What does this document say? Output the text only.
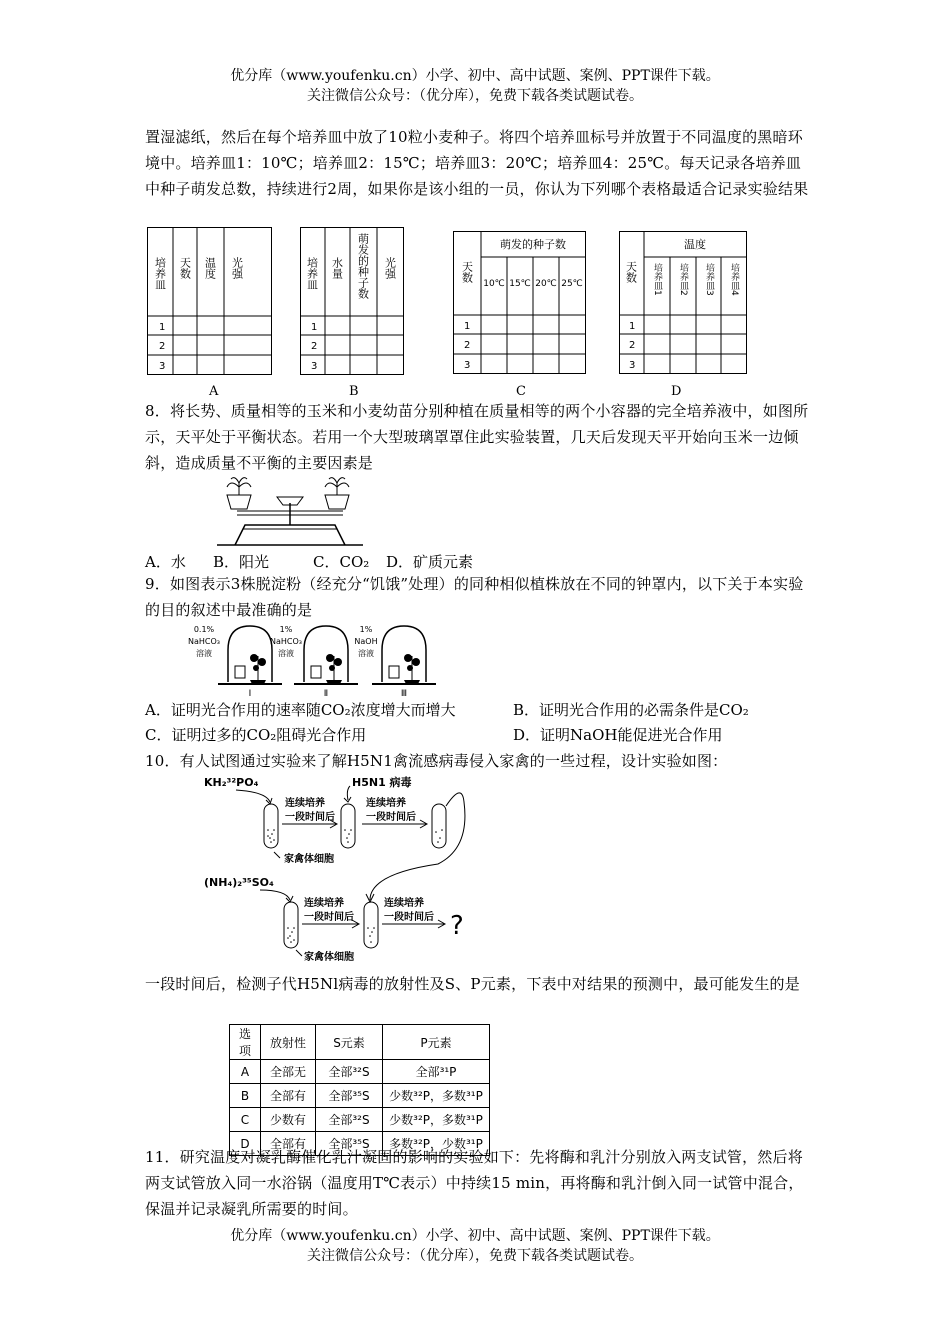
优分库（www.youfenku.cn）小学、初中、高中试题、案例、PPT课件下载。
关注微信公众号：（优分库），免费下载各类试题试卷。
置湿滤纸，然后在每个培养皿中放了10粒小麦种子。将四个培养皿标号并放置于不同温度的黑暗环境中。培养皿1：10℃；培养皿2：15℃；培养皿3：20℃；培养皿4：25℃。每天记录各培养皿中种子萌发总数，持续进行2周，如果你是该小组的一员，你认为下列哪个表格最适合记录实验结果
培养皿 天数 温度 光强
1
2
3
A
培养皿 水量 萌发的种子数 光强
1
2
3
B
天数
萌发的种子数
10℃ 15℃ 20℃ 25℃
1
2
3
C
天数
温度
培养皿1 培养皿2 培养皿3 培养皿4
1
2
3
D
8．将长势、质量相等的玉米和小麦幼苗分别种植在质量相等的两个小容器的完全培养液中，如图所示，天平处于平衡状态。若用一个大型玻璃罩罩住此实验装置，几天后发现天平开始向玉米一边倾斜，造成质量不平衡的主要因素是
A．水 B．阳光	C．CO₂ D．矿质元素
9．如图表示3株脱淀粉（经充分“饥饿”处理）的同种相似植株放在不同的钟罩内，以下关于本实验的目的叙述中最准确的是
0.1%
NaHCO₃
溶液
Ⅰ
1%
NaHCO₃
溶液
Ⅱ
1%
NaOH
溶液
Ⅲ
A．证明光合作用的速率随CO₂浓度增大而增大	B．证明光合作用的必需条件是CO₂
C．证明过多的CO₂阻碍光合作用	D．证明NaOH能促进光合作用
10．有人试图通过实验来了解H5N1禽流感病毒侵入家禽的一些过程，设计实验如图：
KH₂³²PO₄	H5N1 病毒
连续培养
一段时间后
连续培养
一段时间后
家禽体细胞
(NH₄)₂³⁵SO₄
连续培养
一段时间后
连续培养
一段时间后 ?
家禽体细胞
一段时间后，检测子代H5Nl病毒的放射性及S、P元素，下表中对结果的预测中，最可能发生的是
选项	放射性	S元素	P元素
A	全部无	全部³²S	全部³¹P
B	全部有	全部³⁵S	少数³²P，多数³¹P
C	少数有	全部³²S	少数³²P，多数³¹P
D	全部有	全部³⁵S	多数³²P，少数³¹P
11．研究温度对凝乳酶催化乳汁凝固的影响的实验如下：先将酶和乳汁分别放入两支试管，然后将两支试管放入同一水浴锅（温度用T℃表示）中持续15 min，再将酶和乳汁倒入同一试管中混合，保温并记录凝乳所需要的时间。
优分库（www.youfenku.cn）小学、初中、高中试题、案例、PPT课件下载。
关注微信公众号：（优分库），免费下载各类试题试卷。
